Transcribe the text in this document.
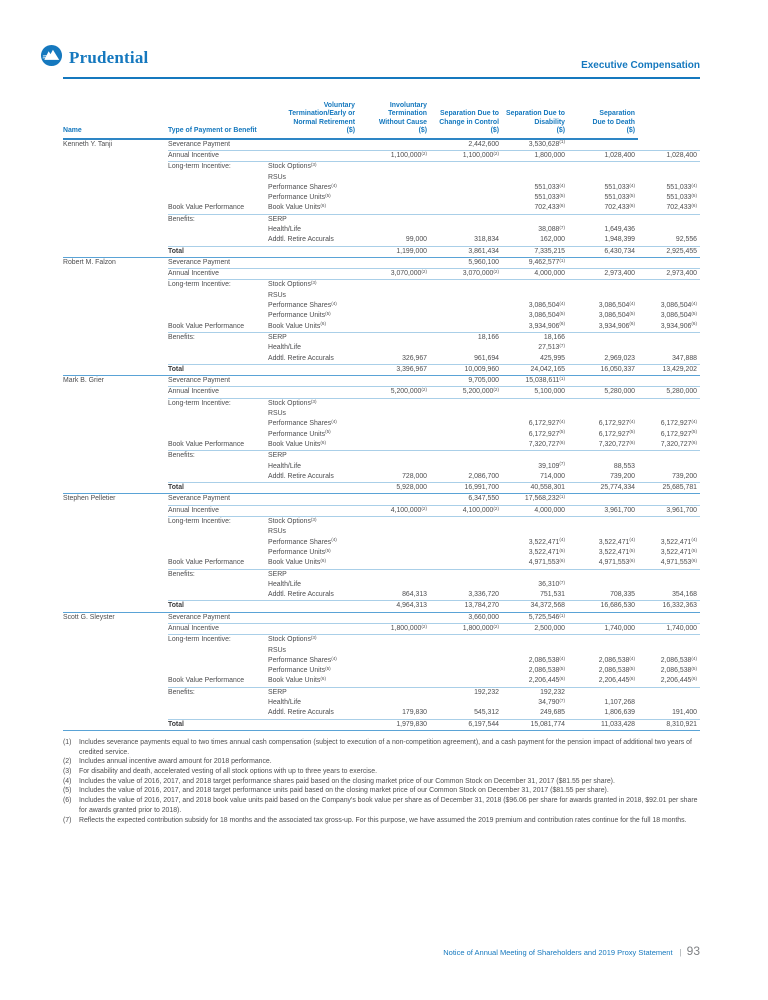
Prudential	Executive Compensation
Name	Type of Payment or Benefit	Voluntary
Termination/Early or
Normal Retirement
($)	Involuntary
Termination
Without Cause
($)	Separation Due to
Change in Control
($)	Separation Due to
Disability
($)	Separation
Due to Death
($)	
Kenneth Y. Tanji	Severance Payment			2,442,600	3,530,628$^{(1)}$		
	Annual Incentive		1,100,000$^{(2)}$	1,100,000$^{(2)}$	1,800,000	1,028,400	1,028,400
	Long-term Incentive:	Stock Options$^{(3)}$					
		RSUs					
		Performance Shares$^{(4)}$			551,033$^{(4)}$	551,033$^{(4)}$	551,033$^{(4)}$
		Performance Units$^{(5)}$			551,033$^{(5)}$	551,033$^{(5)}$	551,033$^{(5)}$
	Book Value Performance	Book Value Units$^{(6)}$			702,433$^{(6)}$	702,433$^{(6)}$	702,433$^{(6)}$
	Benefits:	SERP					
		Health/Life			38,088$^{(7)}$	1,649,436	
		Addtl. Retire Accurals	99,000	318,834	162,000	1,948,399	92,556
	Total		1,199,000	3,861,434	7,335,215	6,430,734	2,925,455
Robert M. Falzon	Severance Payment			5,960,100	9,462,577$^{(1)}$		
	Annual Incentive		3,070,000$^{(2)}$	3,070,000$^{(2)}$	4,000,000	2,973,400	2,973,400
	Long-term Incentive:	Stock Options$^{(3)}$					
		RSUs					
		Performance Shares$^{(4)}$			3,086,504$^{(4)}$	3,086,504$^{(4)}$	3,086,504$^{(4)}$
		Performance Units$^{(5)}$			3,086,504$^{(5)}$	3,086,504$^{(5)}$	3,086,504$^{(5)}$
	Book Value Performance	Book Value Units$^{(6)}$			3,934,906$^{(6)}$	3,934,906$^{(6)}$	3,934,906$^{(6)}$
	Benefits:	SERP		18,166	18,166		
		Health/Life			27,513$^{(7)}$		
		Addtl. Retire Accurals	326,967	961,694	425,995	2,969,023	347,888
	Total		3,396,967	10,009,960	24,042,165	16,050,337	13,429,202
Mark B. Grier	Severance Payment			9,705,000	15,038,611$^{(1)}$		
	Annual Incentive		5,200,000$^{(2)}$	5,200,000$^{(2)}$	5,100,000	5,280,000	5,280,000
	Long-term Incentive:	Stock Options$^{(3)}$					
		RSUs					
		Performance Shares$^{(4)}$			6,172,927$^{(4)}$	6,172,927$^{(4)}$	6,172,927$^{(4)}$
		Performance Units$^{(5)}$			6,172,927$^{(5)}$	6,172,927$^{(5)}$	6,172,927$^{(5)}$
	Book Value Performance	Book Value Units$^{(6)}$			7,320,727$^{(6)}$	7,320,727$^{(6)}$	7,320,727$^{(6)}$
	Benefits:	SERP					
		Health/Life			39,109$^{(7)}$	88,553	
		Addtl. Retire Accurals	728,000	2,086,700	714,000	739,200	739,200
	Total		5,928,000	16,991,700	40,558,301	25,774,334	25,685,781
Stephen Pelletier	Severance Payment			6,347,550	17,568,232$^{(1)}$		
	Annual Incentive		4,100,000$^{(2)}$	4,100,000$^{(2)}$	4,000,000	3,961,700	3,961,700
	Long-term Incentive:	Stock Options$^{(3)}$					
		RSUs					
		Performance Shares$^{(4)}$			3,522,471$^{(4)}$	3,522,471$^{(4)}$	3,522,471$^{(4)}$
		Performance Units$^{(5)}$			3,522,471$^{(5)}$	3,522,471$^{(5)}$	3,522,471$^{(5)}$
	Book Value Performance	Book Value Units$^{(6)}$			4,971,553$^{(6)}$	4,971,553$^{(6)}$	4,971,553$^{(6)}$
	Benefits:	SERP					
		Health/Life			36,310$^{(7)}$		
		Addtl. Retire Accurals	864,313	3,336,720	751,531	708,335	354,168
	Total		4,964,313	13,784,270	34,372,568	16,686,530	16,332,363
Scott G. Sleyster	Severance Payment			3,660,000	5,725,546$^{(1)}$		
	Annual Incentive		1,800,000$^{(2)}$	1,800,000$^{(2)}$	2,500,000	1,740,000	1,740,000
	Long-term Incentive:	Stock Options$^{(3)}$					
		RSUs					
		Performance Shares$^{(4)}$			2,086,538$^{(4)}$	2,086,538$^{(4)}$	2,086,538$^{(4)}$
		Performance Units$^{(5)}$			2,086,538$^{(5)}$	2,086,538$^{(5)}$	2,086,538$^{(5)}$
	Book Value Performance	Book Value Units$^{(6)}$			2,206,445$^{(6)}$	2,206,445$^{(6)}$	2,206,445$^{(6)}$
	Benefits:	SERP		192,232	192,232		
		Health/Life			34,790$^{(7)}$	1,107,268	
		Addtl. Retire Accurals	179,830	545,312	249,685	1,806,639	191,400
	Total		1,979,830	6,197,544	15,081,774	11,033,428	8,310,921
(1)	Includes severance payments equal to two times annual cash compensation (subject to execution of a non-competition agreement), and a cash payment for the pension impact of additional two years of credited service.
(2)	Includes annual incentive award amount for 2018 performance.
(3)	For disability and death, accelerated vesting of all stock options with up to three years to exercise.
(4)	Includes the value of 2016, 2017, and 2018 target performance shares paid based on the closing market price of our Common Stock on December 31, 2017 ($81.55 per share).
(5)	Includes the value of 2016, 2017, and 2018 target performance units paid based on the closing market price of our Common Stock on December 31, 2017 ($81.55 per share).
(6)	Includes the value of 2016, 2017, and 2018 book value units paid based on the Company's book value per share as of December 31, 2018 ($96.06 per share for awards granted in 2018, $92.01 per share for awards granted prior to 2018).
(7)	Reflects the expected contribution subsidy for 18 months and the associated tax gross-up. For this purpose, we have assumed the 2019 premium and contribution rates continue for the full 18 months.
Notice of Annual Meeting of Shareholders and 2019 Proxy Statement | 93
